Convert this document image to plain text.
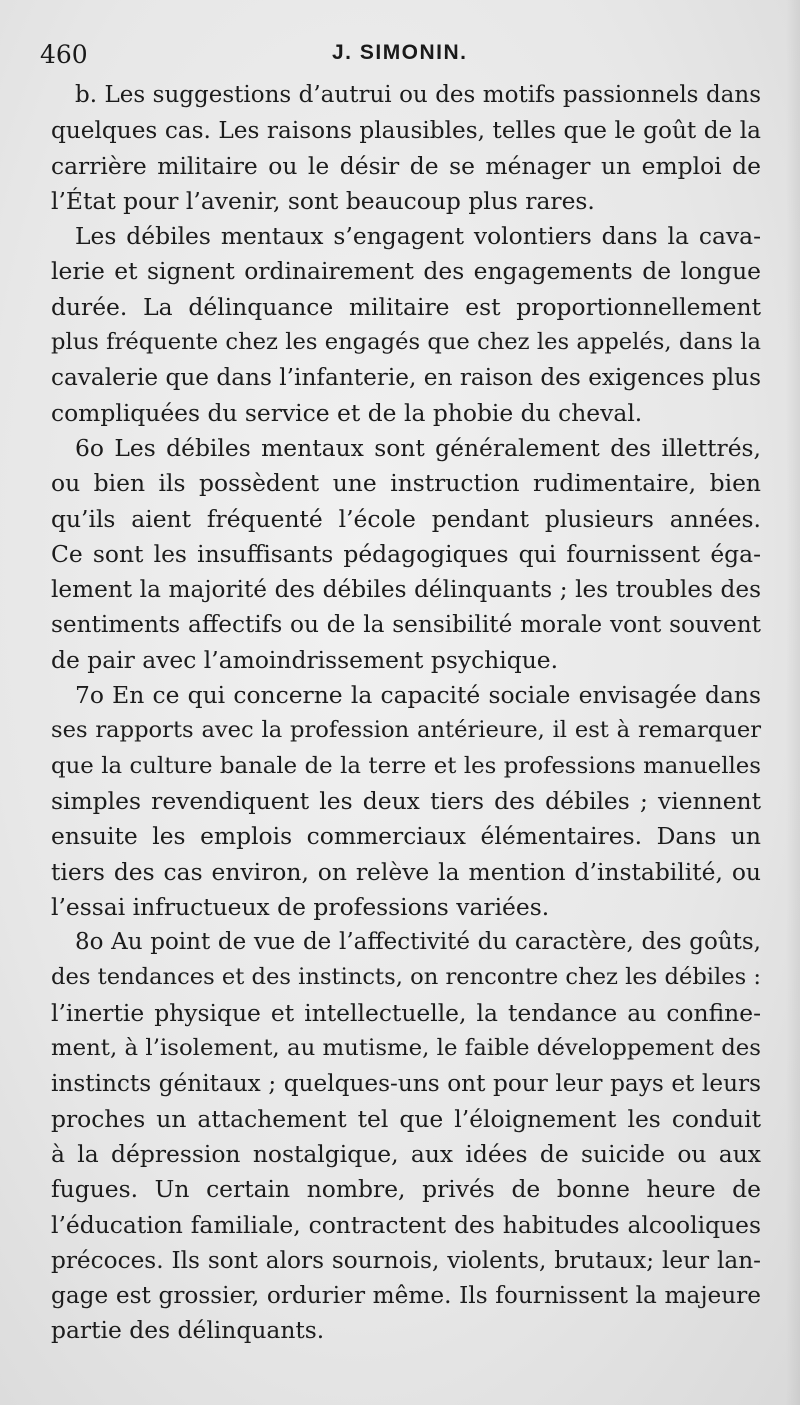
460	J. SIMONIN.
b. Les suggestions d’autrui ou des motifs passionnels dans
quelques cas. Les raisons plausibles, telles que le goût de la
carrière militaire ou le désir de se ménager un emploi de
l’État pour l’avenir, sont beaucoup plus rares.
Les débiles mentaux s’engagent volontiers dans la cava-
lerie et signent ordinairement des engagements de longue
durée. La délinquance militaire est proportionnellement
plus fréquente chez les engagés que chez les appelés, dans la
cavalerie que dans l’infanterie, en raison des exigences plus
compliquées du service et de la phobie du cheval.
6o Les débiles mentaux sont généralement des illettrés,
ou bien ils possèdent une instruction rudimentaire, bien
qu’ils aient fréquenté l’école pendant plusieurs années.
Ce sont les insuffisants pédagogiques qui fournissent éga-
lement la majorité des débiles délinquants ; les troubles des
sentiments affectifs ou de la sensibilité morale vont souvent
de pair avec l’amoindrissement psychique.
7o En ce qui concerne la capacité sociale envisagée dans
ses rapports avec la profession antérieure, il est à remarquer
que la culture banale de la terre et les professions manuelles
simples revendiquent les deux tiers des débiles ; viennent
ensuite les emplois commerciaux élémentaires. Dans un
tiers des cas environ, on relève la mention d’instabilité, ou
l’essai infructueux de professions variées.
8o Au point de vue de l’affectivité du caractère, des goûts,
des tendances et des instincts, on rencontre chez les débiles :
l’inertie physique et intellectuelle, la tendance au confine-
ment, à l’isolement, au mutisme, le faible développement des
instincts génitaux ; quelques-uns ont pour leur pays et leurs
proches un attachement tel que l’éloignement les conduit
à la dépression nostalgique, aux idées de suicide ou aux
fugues. Un certain nombre, privés de bonne heure de
l’éducation familiale, contractent des habitudes alcooliques
précoces. Ils sont alors sournois, violents, brutaux; leur lan-
gage est grossier, ordurier même. Ils fournissent la majeure
partie des délinquants.
